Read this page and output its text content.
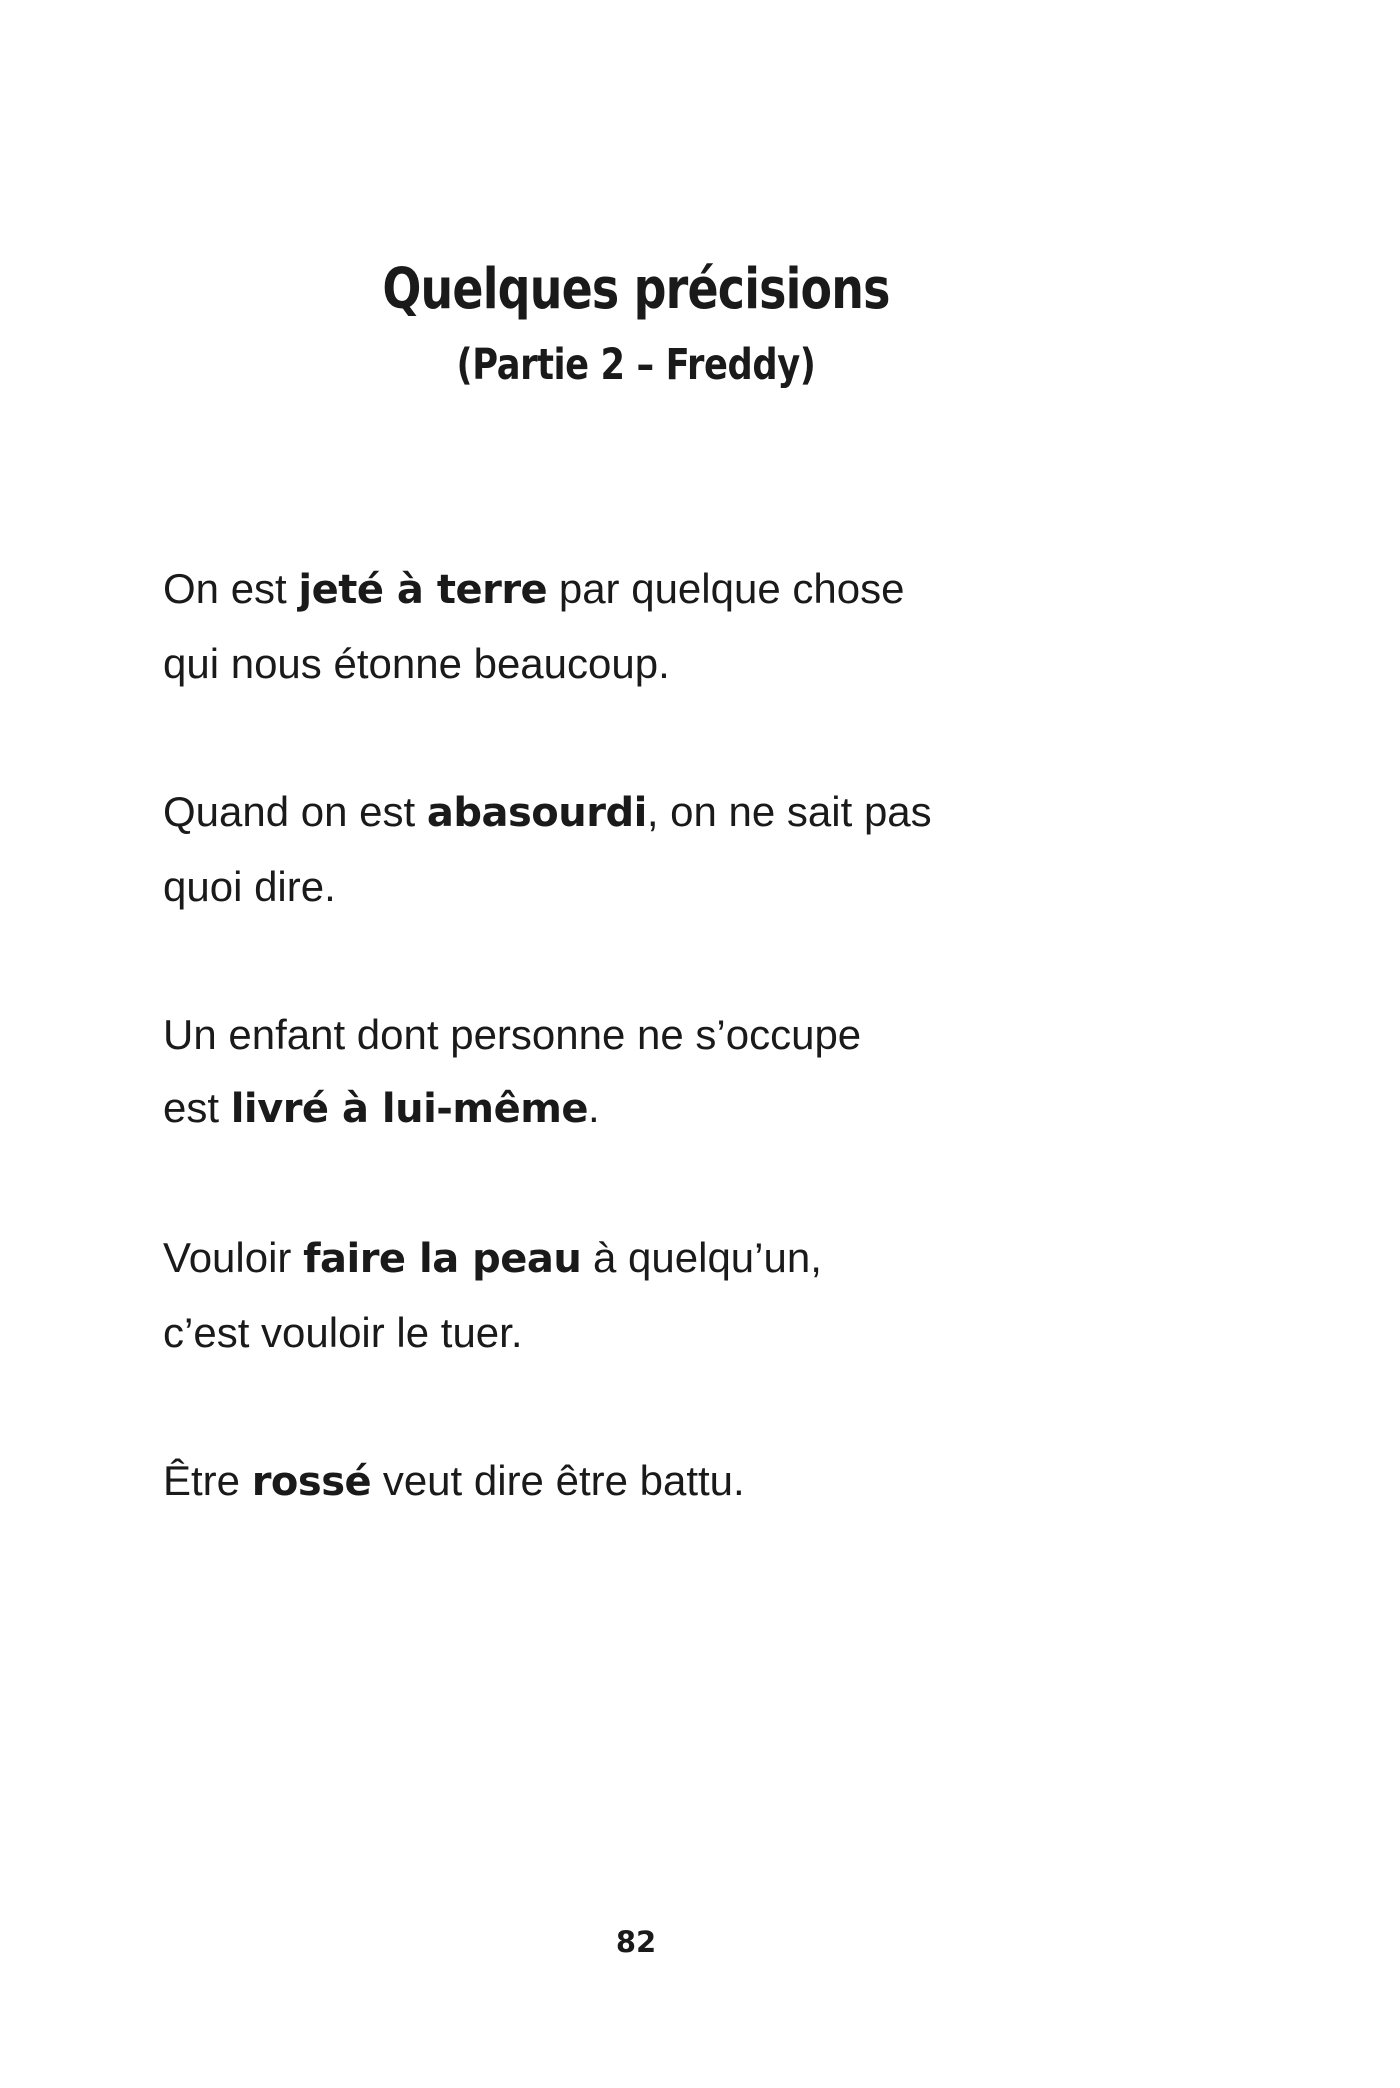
Quelques précisions
(Partie 2 – Freddy)
On est jeté à terre par quelque chose
qui nous étonne beaucoup.
Quand on est abasourdi, on ne sait pas
quoi dire.
Un enfant dont personne ne s’occupe
est livré à lui-même.
Vouloir faire la peau à quelqu’un,
c’est vouloir le tuer.
Être rossé veut dire être battu.
82
